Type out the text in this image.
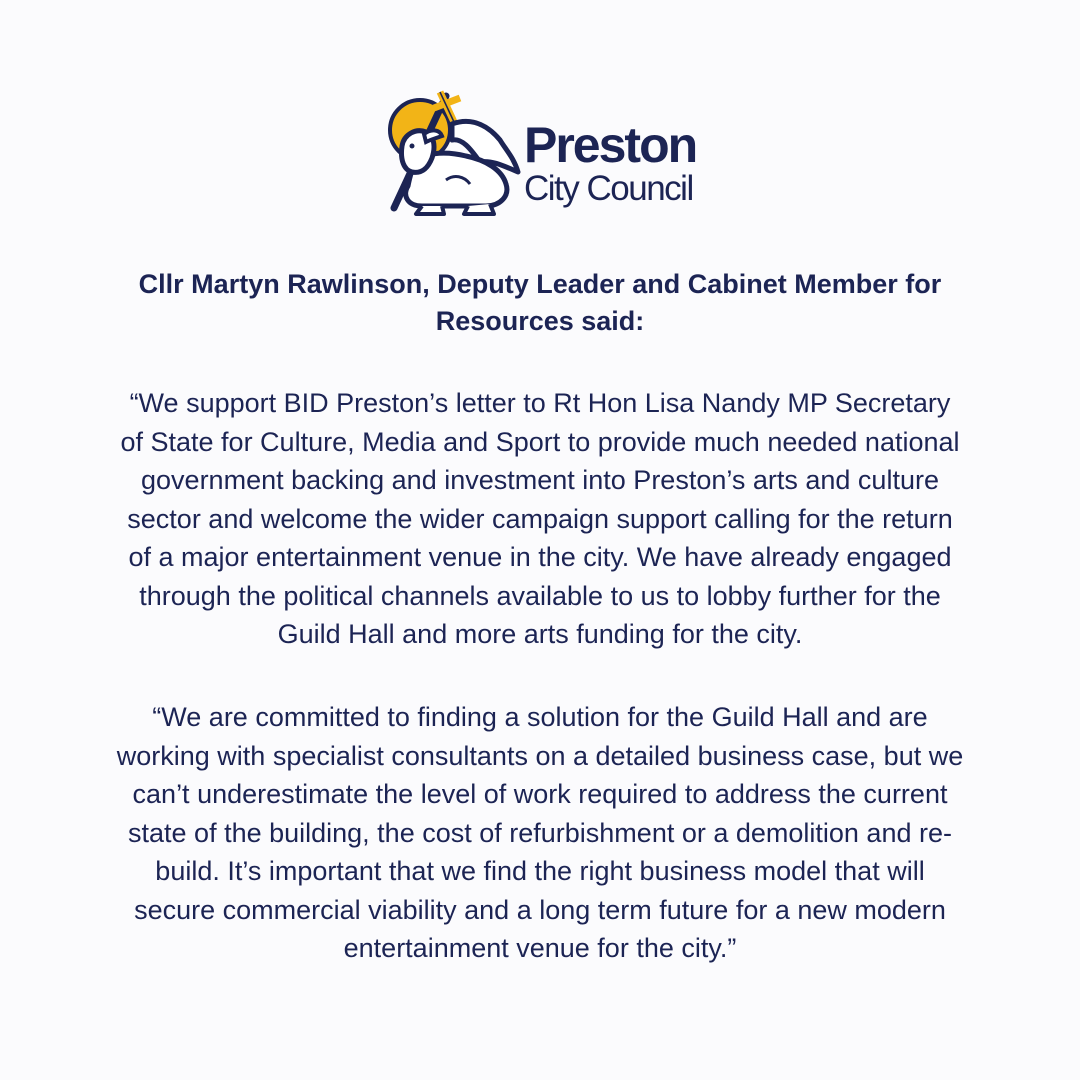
Preston
City Council
Cllr Martyn Rawlinson, Deputy Leader and Cabinet Member for
Resources said:

“We support BID Preston’s letter to Rt Hon Lisa Nandy MP Secretary
of State for Culture, Media and Sport to provide much needed national
government backing and investment into Preston’s arts and culture
sector and welcome the wider campaign support calling for the return
of a major entertainment venue in the city. We have already engaged
through the political channels available to us to lobby further for the
Guild Hall and more arts funding for the city.

“We are committed to finding a solution for the Guild Hall and are
working with specialist consultants on a detailed business case, but we
can’t underestimate the level of work required to address the current
state of the building, the cost of refurbishment or a demolition and re-
build. It’s important that we find the right business model that will
secure commercial viability and a long term future for a new modern
entertainment venue for the city.”
